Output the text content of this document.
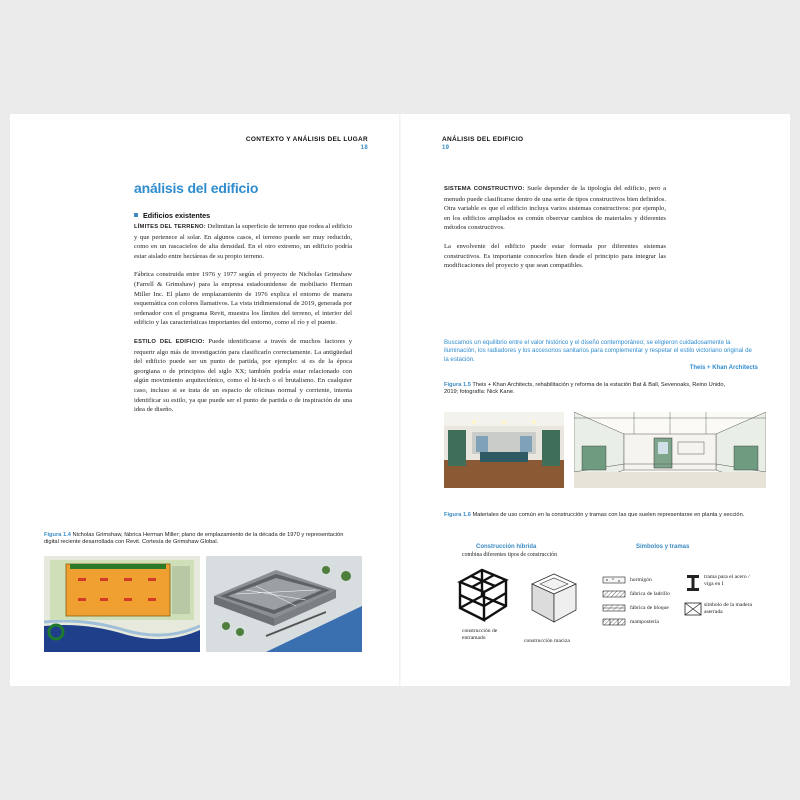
CONTEXTO Y ANÁLISIS DEL LUGAR
18
análisis del edificio
Edificios existentes

LÍMITES DEL TERRENO: Delimitan la superficie de terreno que rodea al edificio y que pertenece al solar. En algunos casos, el terreno puede ser muy reducido, como en un rascacielos de alta densidad. En el otro extremo, un edificio podría estar aislado entre hectáreas de su propio terreno.

Fábrica construida entre 1976 y 1977 según el proyecto de Nicholas Grimshaw (Farrell & Grimshaw) para la empresa estadounidense de mobiliario Herman Miller Inc. El plano de emplazamiento de 1976 explica el entorno de manera esquemática con colores llamativos. La vista tridimensional de 2019, generada por ordenador con el programa Revit, muestra los límites del terreno, el interior del edificio y las características importantes del entorno, como el río y el puente.

ESTILO DEL EDIFICIO: Puede identificarse a través de muchos factores y requerir algo más de investigación para clasificarlo correctamente. La antigüedad del edificio puede ser un punto de partida, por ejemplo: si es de la época georgiana o de principios del siglo XX; también podría estar relacionado con algún movimiento arquitectónico, como el hi-tech o el brutalismo. En cualquier caso, incluso si se trata de un espacio de oficinas normal y corriente, intenta identificar su estilo, ya que puede ser el punto de partida o de inspiración de una idea de diseño.

Figura 1.4 Nicholas Grimshaw, fábrica Herman Miller; plano de emplazamiento de la década de 1970 y representación digital reciente desarrollada con Revit. Cortesía de Grimshaw Global.
ANÁLISIS DEL EDIFICIO
19

SISTEMA CONSTRUCTIVO: Suele depender de la tipología del edificio, pero a menudo puede clasificarse dentro de una serie de tipos constructivos bien definidos. Otra variable es que el edificio incluya varios sistemas constructivos: por ejemplo, en los edificios ampliados es común observar cambios de materiales y diferentes métodos constructivos.

La envolvente del edificio puede estar formada por diferentes sistemas constructivos. Es importante conocerlos bien desde el principio para integrar las modificaciones del proyecto y que sean compatibles.

Buscamos un equilibrio entre el valor histórico y el diseño contemporáneo; se eligieron cuidadosamente la iluminación, los radiadores y los accesorios sanitarios para complementar y respetar el estilo victoriano original de la estación.
Theis + Khan Architects
Figura 1.5 Theis + Khan Architects, rehabilitación y reforma de la estación Bat & Ball, Sevenoaks, Reino Unido, 2019; fotografía: Nick Kane.
Figura 1.6 Materiales de uso común en la construcción y tramas con las que suelen representarse en planta y sección.
Construcción híbrida
combina diferentes tipos de construcción
construcción de entramado	construcción maciza
Símbolos y tramas
hormigón
fábrica de ladrillo
fábrica de bloque
mampostería
trama para el acero / viga en I
símbolo de la madera aserrada
